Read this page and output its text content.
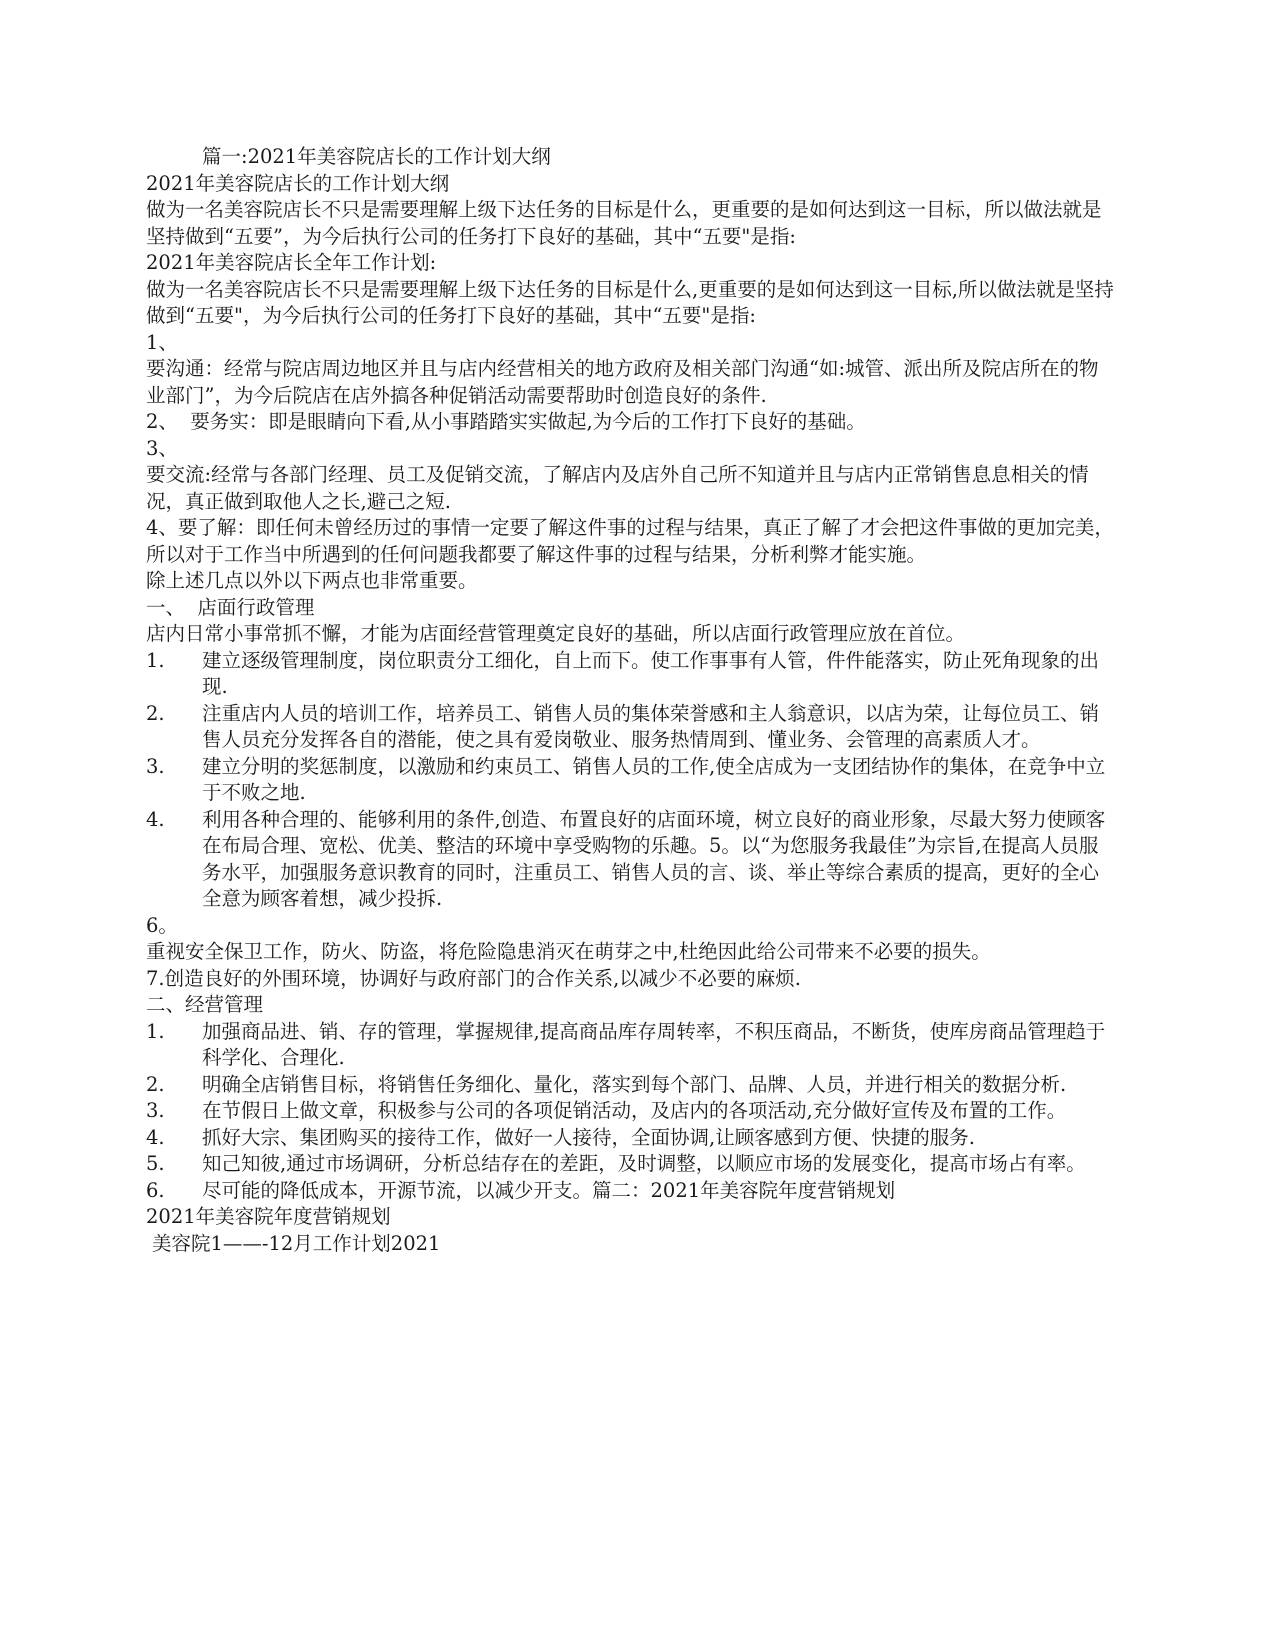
篇一:2021年美容院店长的工作计划大纲
2021年美容院店长的工作计划大纲
做为一名美容院店长不只是需要理解上级下达任务的目标是什么，更重要的是如何达到这一目标，所以做法就是坚持做到“五要”，为今后执行公司的任务打下良好的基础，其中“五要"是指:
2021年美容院店长全年工作计划:
做为一名美容院店长不只是需要理解上级下达任务的目标是什么,更重要的是如何达到这一目标,所以做法就是坚持做到“五要"，为今后执行公司的任务打下良好的基础，其中“五要"是指:
1、
要沟通：经常与院店周边地区并且与店内经营相关的地方政府及相关部门沟通“如:城管、派出所及院店所在的物业部门”，为今后院店在店外搞各种促销活动需要帮助时创造良好的条件.
2、  要务实：即是眼睛向下看,从小事踏踏实实做起,为今后的工作打下良好的基础。
3、
要交流:经常与各部门经理、员工及促销交流，了解店内及店外自己所不知道并且与店内正常销售息息相关的情况，真正做到取他人之长,避己之短.
4、要了解：即任何未曾经历过的事情一定要了解这件事的过程与结果，真正了解了才会把这件事做的更加完美，所以对于工作当中所遇到的任何问题我都要了解这件事的过程与结果，分析利弊才能实施。
除上述几点以外以下两点也非常重要。
一、  店面行政管理
店内日常小事常抓不懈，才能为店面经营管理奠定良好的基础，所以店面行政管理应放在首位。
1.	建立逐级管理制度，岗位职责分工细化，自上而下。使工作事事有人管，件件能落实，防止死角现象的出现.
2.	注重店内人员的培训工作，培养员工、销售人员的集体荣誉感和主人翁意识，以店为荣，让每位员工、销售人员充分发挥各自的潜能，使之具有爱岗敬业、服务热情周到、懂业务、会管理的高素质人才。
3.	建立分明的奖惩制度，以激励和约束员工、销售人员的工作,使全店成为一支团结协作的集体，在竞争中立于不败之地.
4.	利用各种合理的、能够利用的条件,创造、布置良好的店面环境，树立良好的商业形象，尽最大努力使顾客在布局合理、宽松、优美、整洁的环境中享受购物的乐趣。5。以“为您服务我最佳”为宗旨,在提高人员服务水平，加强服务意识教育的同时，注重员工、销售人员的言、谈、举止等综合素质的提高，更好的全心全意为顾客着想，减少投拆.
6。
重视安全保卫工作，防火、防盗，将危险隐患消灭在萌芽之中,杜绝因此给公司带来不必要的损失。
7.创造良好的外围环境，协调好与政府部门的合作关系,以减少不必要的麻烦.
二、经营管理
1.	加强商品进、销、存的管理，掌握规律,提高商品库存周转率，不积压商品，不断货，使库房商品管理趋于科学化、合理化.
2.	明确全店销售目标，将销售任务细化、量化，落实到每个部门、品牌、人员，并进行相关的数据分析.
3.	在节假日上做文章，积极参与公司的各项促销活动，及店内的各项活动,充分做好宣传及布置的工作。
4.	抓好大宗、集团购买的接待工作，做好一人接待，全面协调,让顾客感到方便、快捷的服务.
5.	知己知彼,通过市场调研，分析总结存在的差距，及时调整，以顺应市场的发展变化，提高市场占有率。
6.	尽可能的降低成本，开源节流，以减少开支。篇二：2021年美容院年度营销规划
2021年美容院年度营销规划
美容院1——-12月工作计划2021
